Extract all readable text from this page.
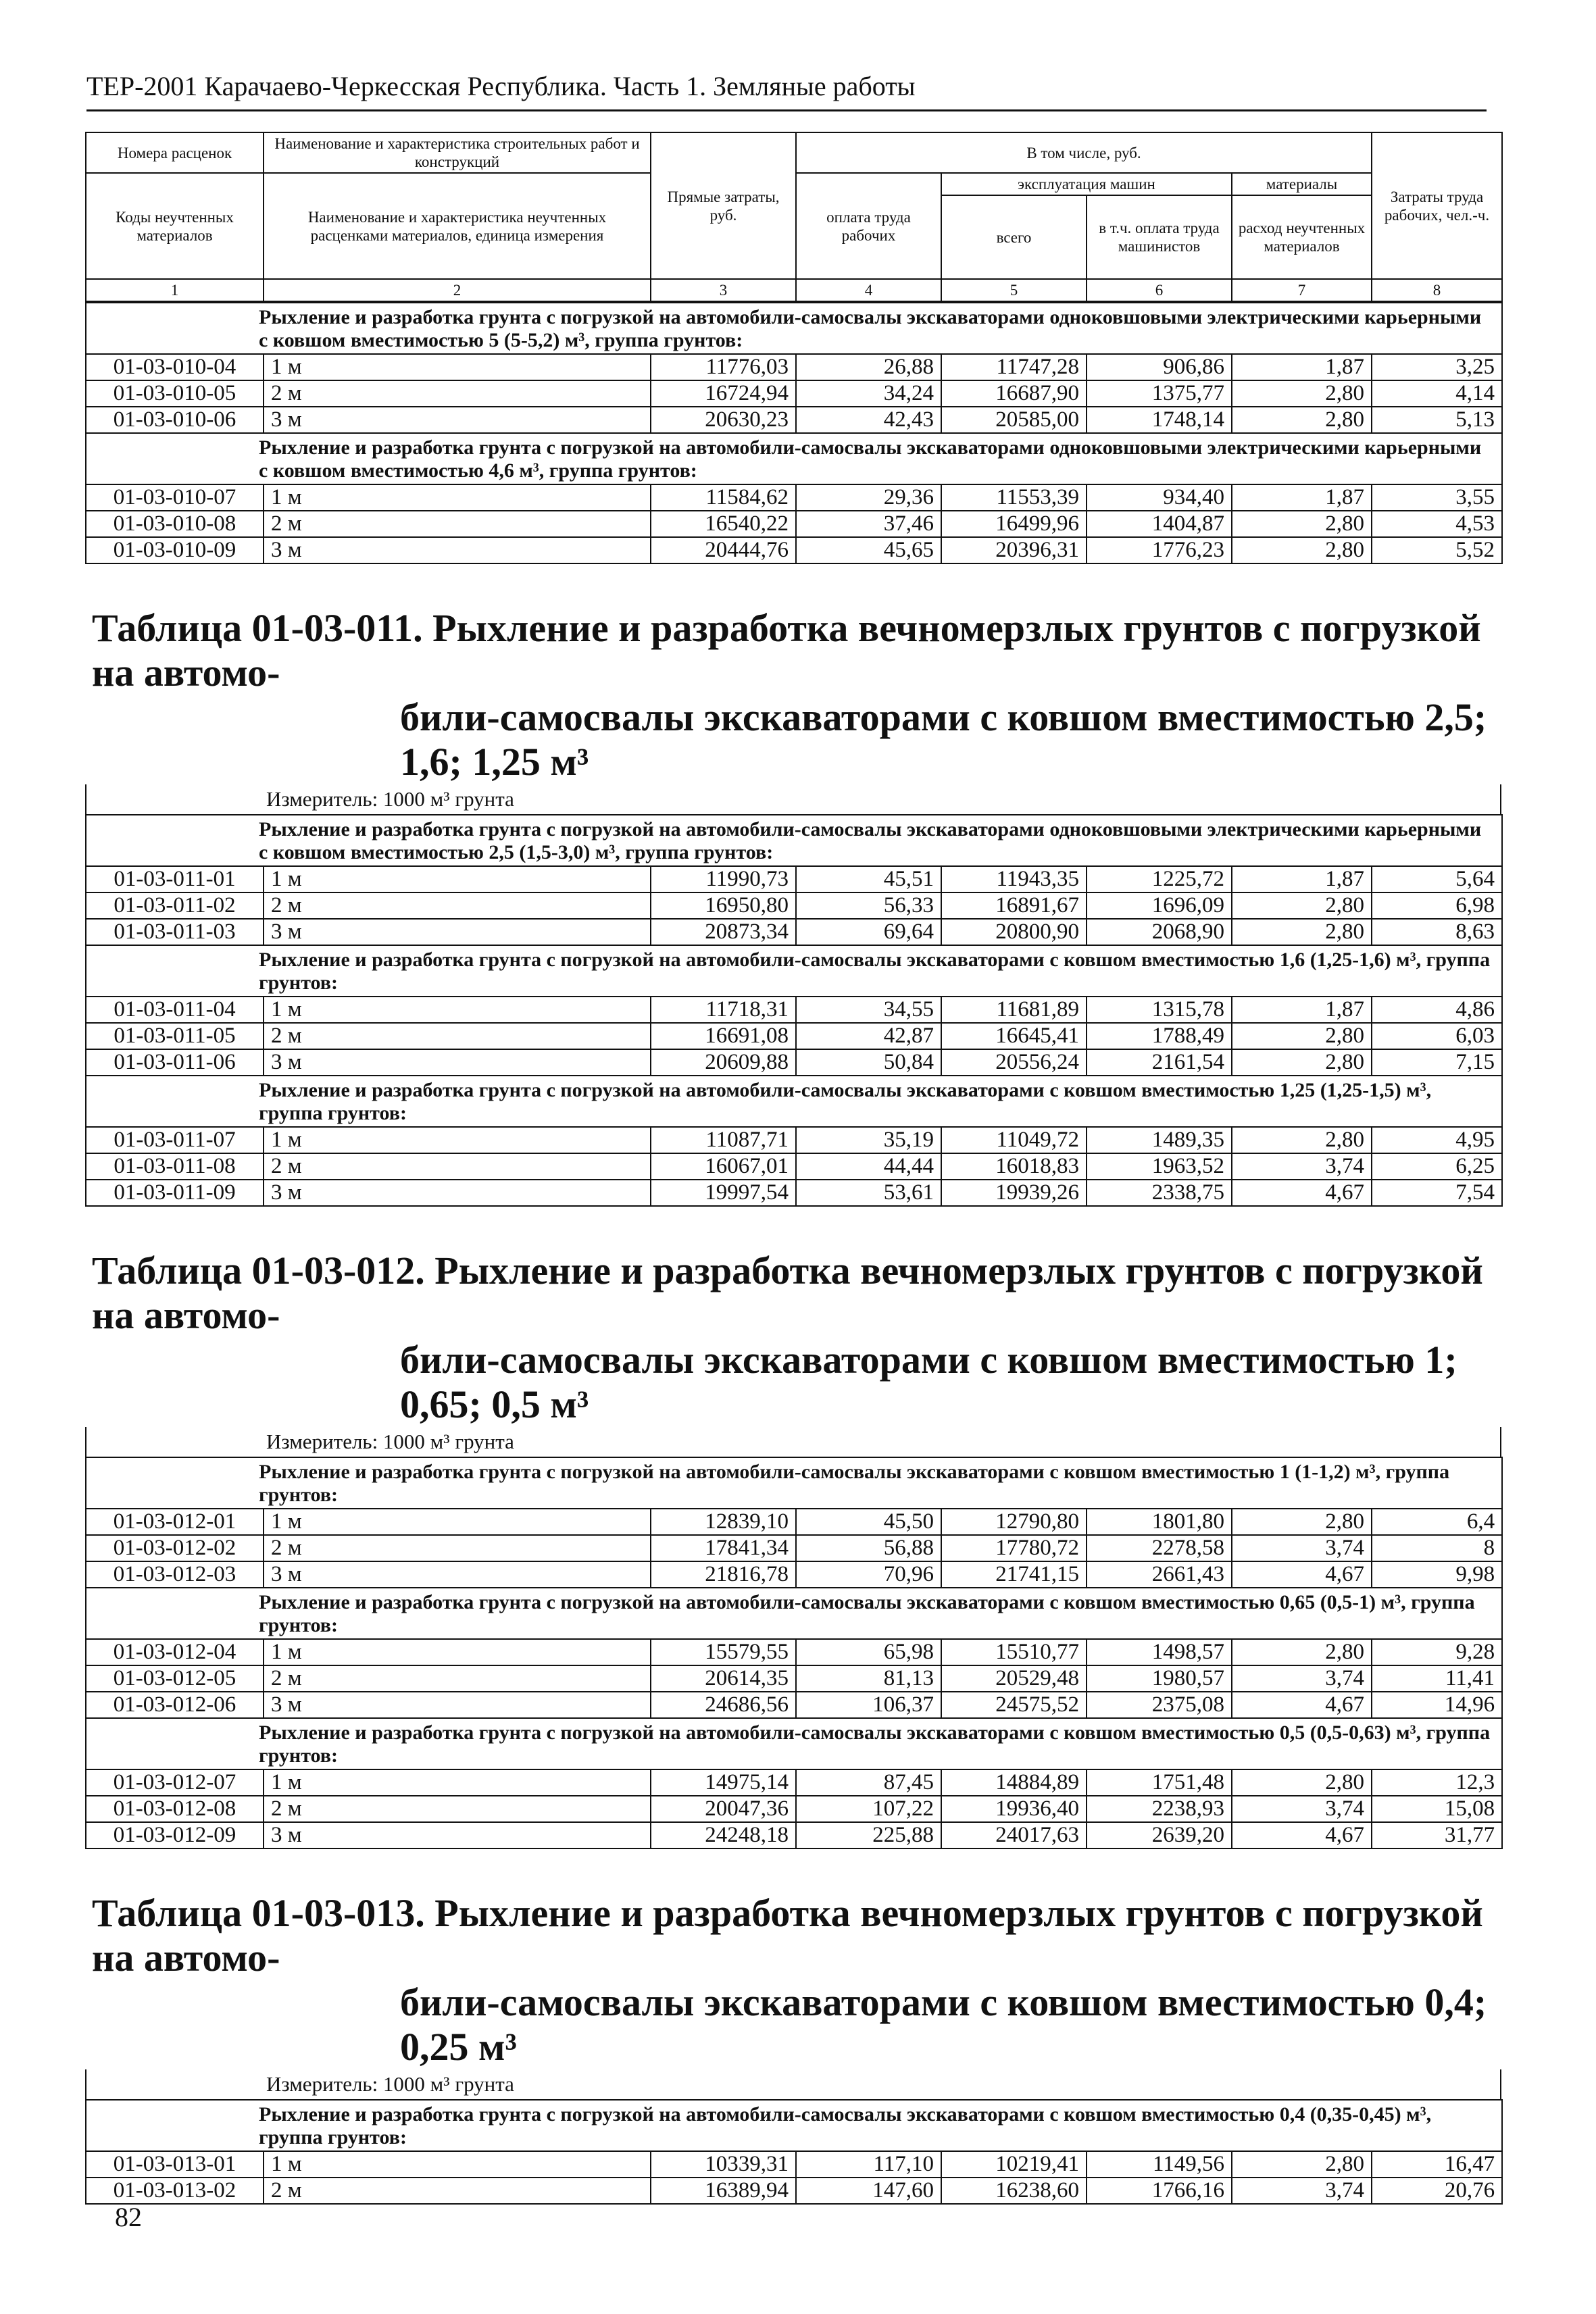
ТЕР-2001 Карачаево-Черкесская Республика. Часть 1. Земляные работы
Номера расценок	Наименование и характеристика строительных работ и конструкций	Прямые затраты, руб.	В том числе, руб.				Затраты труда рабочих, чел.-ч.
Коды неучтенных материалов	Наименование и характеристика неучтенных расценками материалов, единица измерения		оплата труда рабочих	эксплуатация машин		материалы	
				всего	в т.ч. оплата труда машинистов	расход неучтенных материалов	
1	2	3	4	5	6	7	8
Рыхление и разработка грунта с погрузкой на автомобили-самосвалы экскаваторами одноковшовыми электрическими карьерными с ковшом вместимостью 5 (5-5,2) м³, группа грунтов:							
01-03-010-04	1 м	11776,03	26,88	11747,28	906,86	1,87	3,25
01-03-010-05	2 м	16724,94	34,24	16687,90	1375,77	2,80	4,14
01-03-010-06	3 м	20630,23	42,43	20585,00	1748,14	2,80	5,13
Рыхление и разработка грунта с погрузкой на автомобили-самосвалы экскаваторами одноковшовыми электрическими карьерными с ковшом вместимостью 4,6 м³, группа грунтов:							
01-03-010-07	1 м	11584,62	29,36	11553,39	934,40	1,87	3,55
01-03-010-08	2 м	16540,22	37,46	16499,96	1404,87	2,80	4,53
01-03-010-09	3 м	20444,76	45,65	20396,31	1776,23	2,80	5,52
Таблица 01-03-011. Рыхление и разработка вечномерзлых грунтов с погрузкой на автомо-
били-самосвалы экскаваторами с ковшом вместимостью 2,5; 1,6; 1,25 м³
Измеритель: 1000 м³ грунта
Рыхление и разработка грунта с погрузкой на автомобили-самосвалы экскаваторами одноковшовыми электрическими карьерными с ковшом вместимостью 2,5 (1,5-3,0) м³, группа грунтов:							
01-03-011-01	1 м	11990,73	45,51	11943,35	1225,72	1,87	5,64
01-03-011-02	2 м	16950,80	56,33	16891,67	1696,09	2,80	6,98
01-03-011-03	3 м	20873,34	69,64	20800,90	2068,90	2,80	8,63
Рыхление и разработка грунта с погрузкой на автомобили-самосвалы экскаваторами с ковшом вместимостью 1,6 (1,25-1,6) м³, группа грунтов:							
01-03-011-04	1 м	11718,31	34,55	11681,89	1315,78	1,87	4,86
01-03-011-05	2 м	16691,08	42,87	16645,41	1788,49	2,80	6,03
01-03-011-06	3 м	20609,88	50,84	20556,24	2161,54	2,80	7,15
Рыхление и разработка грунта с погрузкой на автомобили-самосвалы экскаваторами с ковшом вместимостью 1,25 (1,25-1,5) м³, группа грунтов:							
01-03-011-07	1 м	11087,71	35,19	11049,72	1489,35	2,80	4,95
01-03-011-08	2 м	16067,01	44,44	16018,83	1963,52	3,74	6,25
01-03-011-09	3 м	19997,54	53,61	19939,26	2338,75	4,67	7,54
Таблица 01-03-012. Рыхление и разработка вечномерзлых грунтов с погрузкой на автомо-
били-самосвалы экскаваторами с ковшом вместимостью 1; 0,65; 0,5 м³
Измеритель: 1000 м³ грунта
Рыхление и разработка грунта с погрузкой на автомобили-самосвалы экскаваторами с ковшом вместимостью 1 (1-1,2) м³, группа грунтов:							
01-03-012-01	1 м	12839,10	45,50	12790,80	1801,80	2,80	6,4
01-03-012-02	2 м	17841,34	56,88	17780,72	2278,58	3,74	8
01-03-012-03	3 м	21816,78	70,96	21741,15	2661,43	4,67	9,98
Рыхление и разработка грунта с погрузкой на автомобили-самосвалы экскаваторами с ковшом вместимостью 0,65 (0,5-1) м³, группа грунтов:							
01-03-012-04	1 м	15579,55	65,98	15510,77	1498,57	2,80	9,28
01-03-012-05	2 м	20614,35	81,13	20529,48	1980,57	3,74	11,41
01-03-012-06	3 м	24686,56	106,37	24575,52	2375,08	4,67	14,96
Рыхление и разработка грунта с погрузкой на автомобили-самосвалы экскаваторами с ковшом вместимостью 0,5 (0,5-0,63) м³, группа грунтов:							
01-03-012-07	1 м	14975,14	87,45	14884,89	1751,48	2,80	12,3
01-03-012-08	2 м	20047,36	107,22	19936,40	2238,93	3,74	15,08
01-03-012-09	3 м	24248,18	225,88	24017,63	2639,20	4,67	31,77
Таблица 01-03-013. Рыхление и разработка вечномерзлых грунтов с погрузкой на автомо-
били-самосвалы экскаваторами с ковшом вместимостью 0,4; 0,25 м³
Измеритель: 1000 м³ грунта
Рыхление и разработка грунта с погрузкой на автомобили-самосвалы экскаваторами с ковшом вместимостью 0,4 (0,35-0,45) м³, группа грунтов:							
01-03-013-01	1 м	10339,31	117,10	10219,41	1149,56	2,80	16,47
01-03-013-02	2 м	16389,94	147,60	16238,60	1766,16	3,74	20,76
82
